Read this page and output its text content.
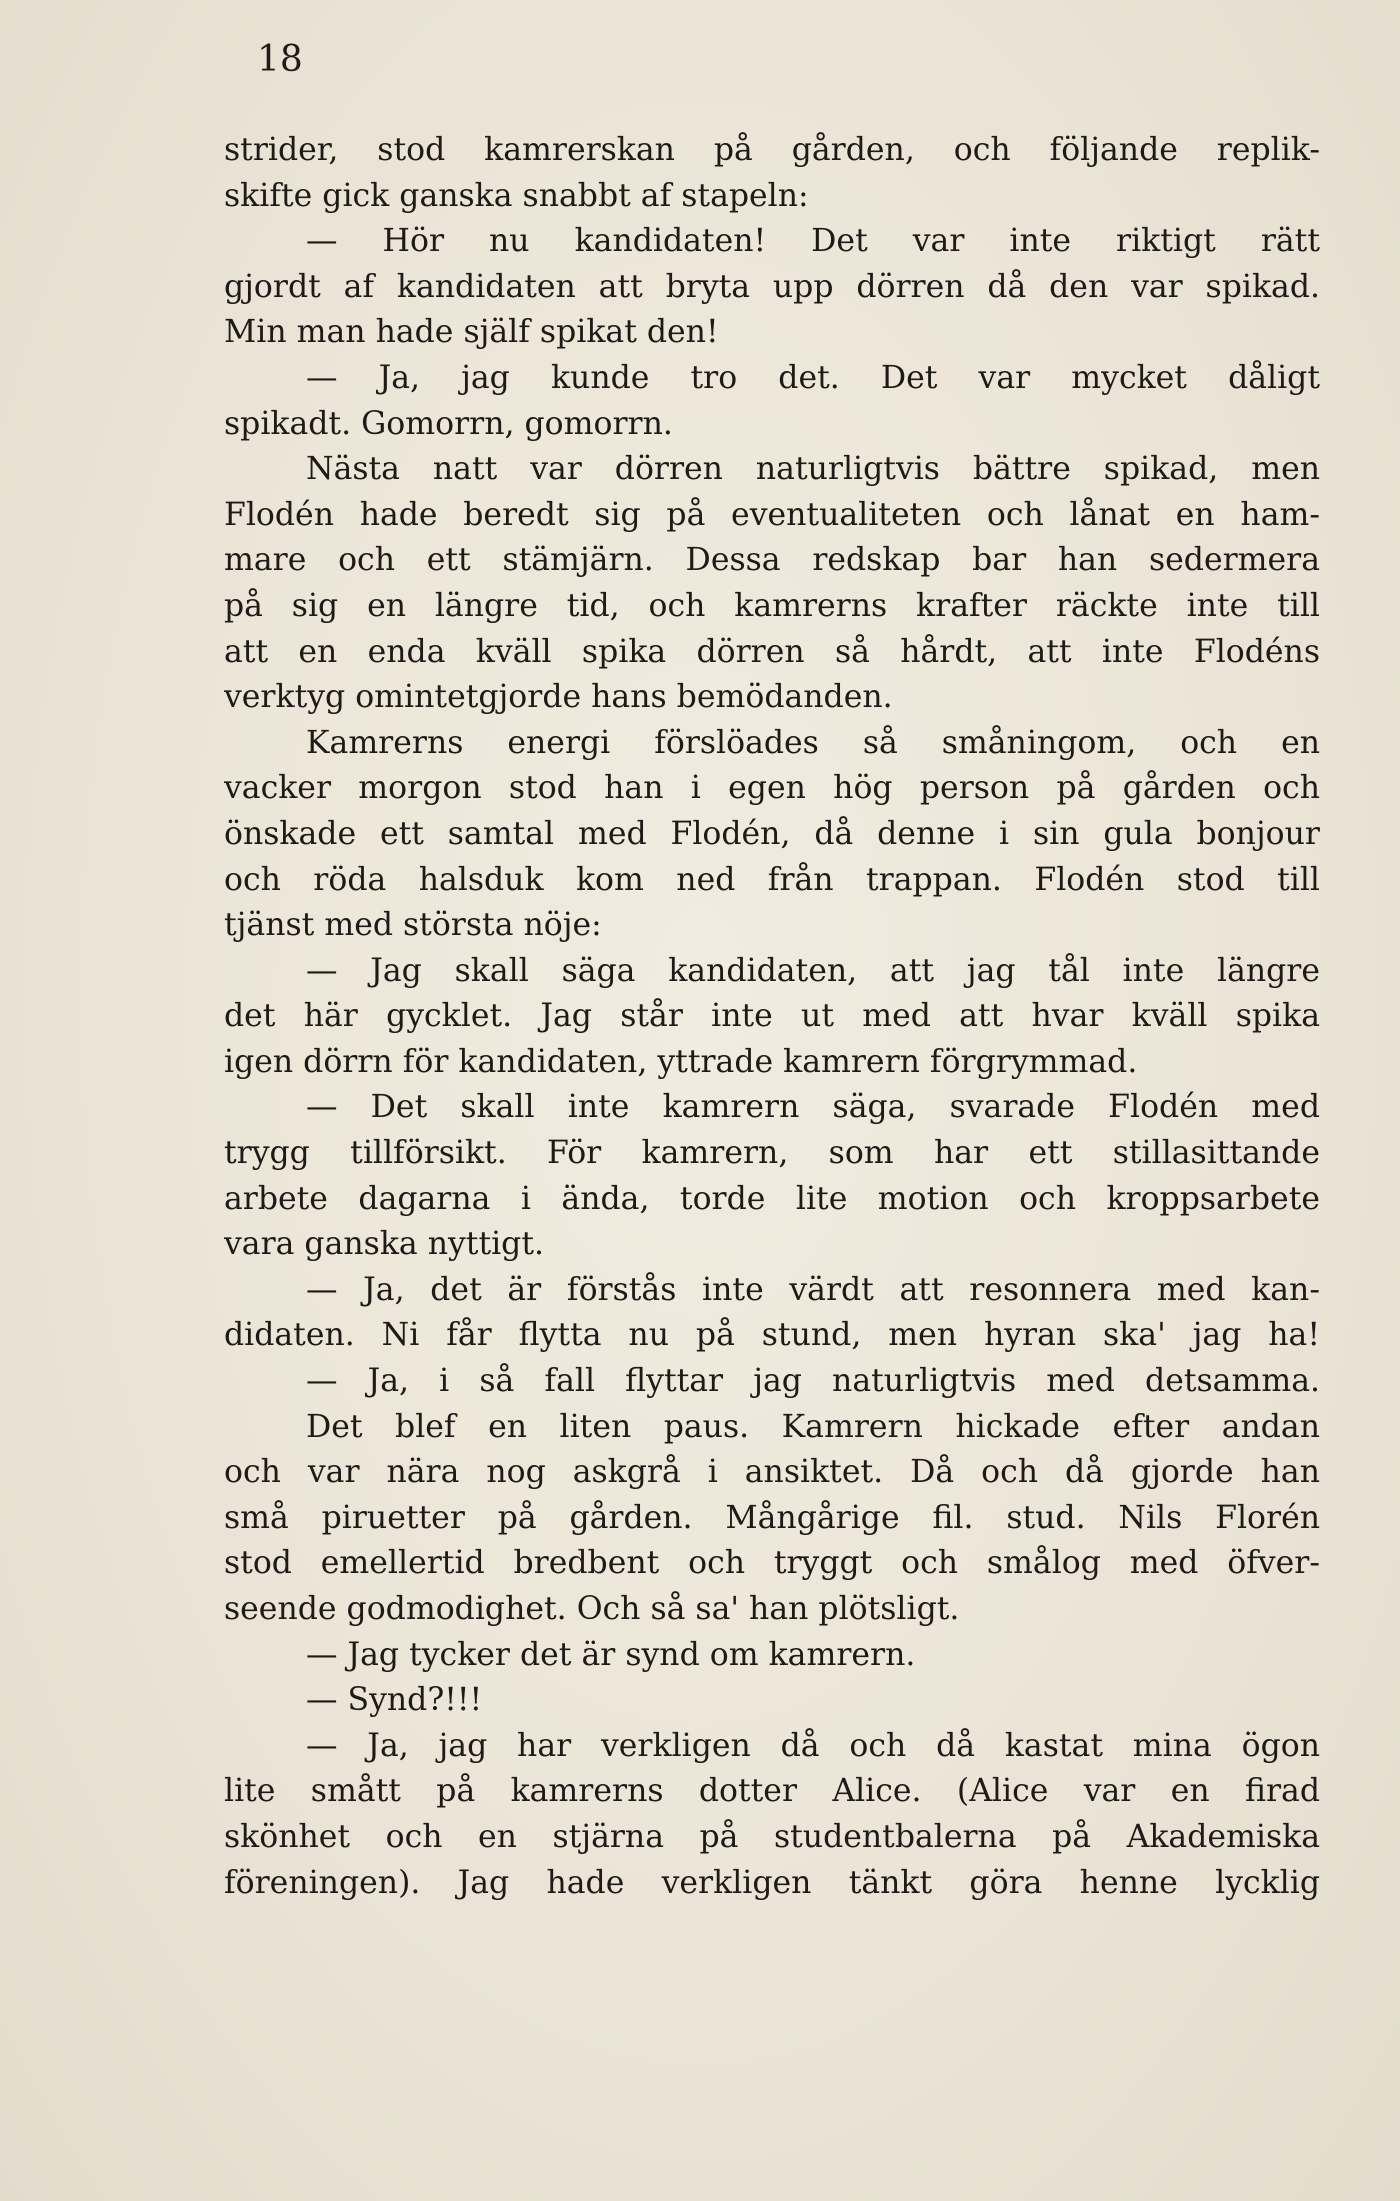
18
strider, stod kamrerskan på gården, och följande replik-
skifte gick ganska snabbt af stapeln:
— Hör nu kandidaten! Det var inte riktigt rätt
gjordt af kandidaten att bryta upp dörren då den var spikad.
Min man hade själf spikat den!
— Ja, jag kunde tro det. Det var mycket dåligt
spikadt. Gomorrn, gomorrn.
Nästa natt var dörren naturligtvis bättre spikad, men
Flodén hade beredt sig på eventualiteten och lånat en ham-
mare och ett stämjärn. Dessa redskap bar han sedermera
på sig en längre tid, och kamrerns krafter räckte inte till
att en enda kväll spika dörren så hårdt, att inte Flodéns
verktyg omintetgjorde hans bemödanden.
Kamrerns energi förslöades så småningom, och en
vacker morgon stod han i egen hög person på gården och
önskade ett samtal med Flodén, då denne i sin gula bonjour
och röda halsduk kom ned från trappan. Flodén stod till
tjänst med största nöje:
— Jag skall säga kandidaten, att jag tål inte längre
det här gycklet. Jag står inte ut med att hvar kväll spika
igen dörrn för kandidaten, yttrade kamrern förgrymmad.
— Det skall inte kamrern säga, svarade Flodén med
trygg tillförsikt. För kamrern, som har ett stillasittande
arbete dagarna i ända, torde lite motion och kroppsarbete
vara ganska nyttigt.
— Ja, det är förstås inte värdt att resonnera med kan-
didaten. Ni får flytta nu på stund, men hyran ska' jag ha!
— Ja, i så fall flyttar jag naturligtvis med detsamma.
Det blef en liten paus. Kamrern hickade efter andan
och var nära nog askgrå i ansiktet. Då och då gjorde han
små piruetter på gården. Mångårige fil. stud. Nils Florén
stod emellertid bredbent och tryggt och smålog med öfver-
seende godmodighet. Och så sa' han plötsligt.
— Jag tycker det är synd om kamrern.
— Synd?!!!
— Ja, jag har verkligen då och då kastat mina ögon
lite smått på kamrerns dotter Alice. (Alice var en firad
skönhet och en stjärna på studentbalerna på Akademiska
föreningen). Jag hade verkligen tänkt göra henne lycklig
